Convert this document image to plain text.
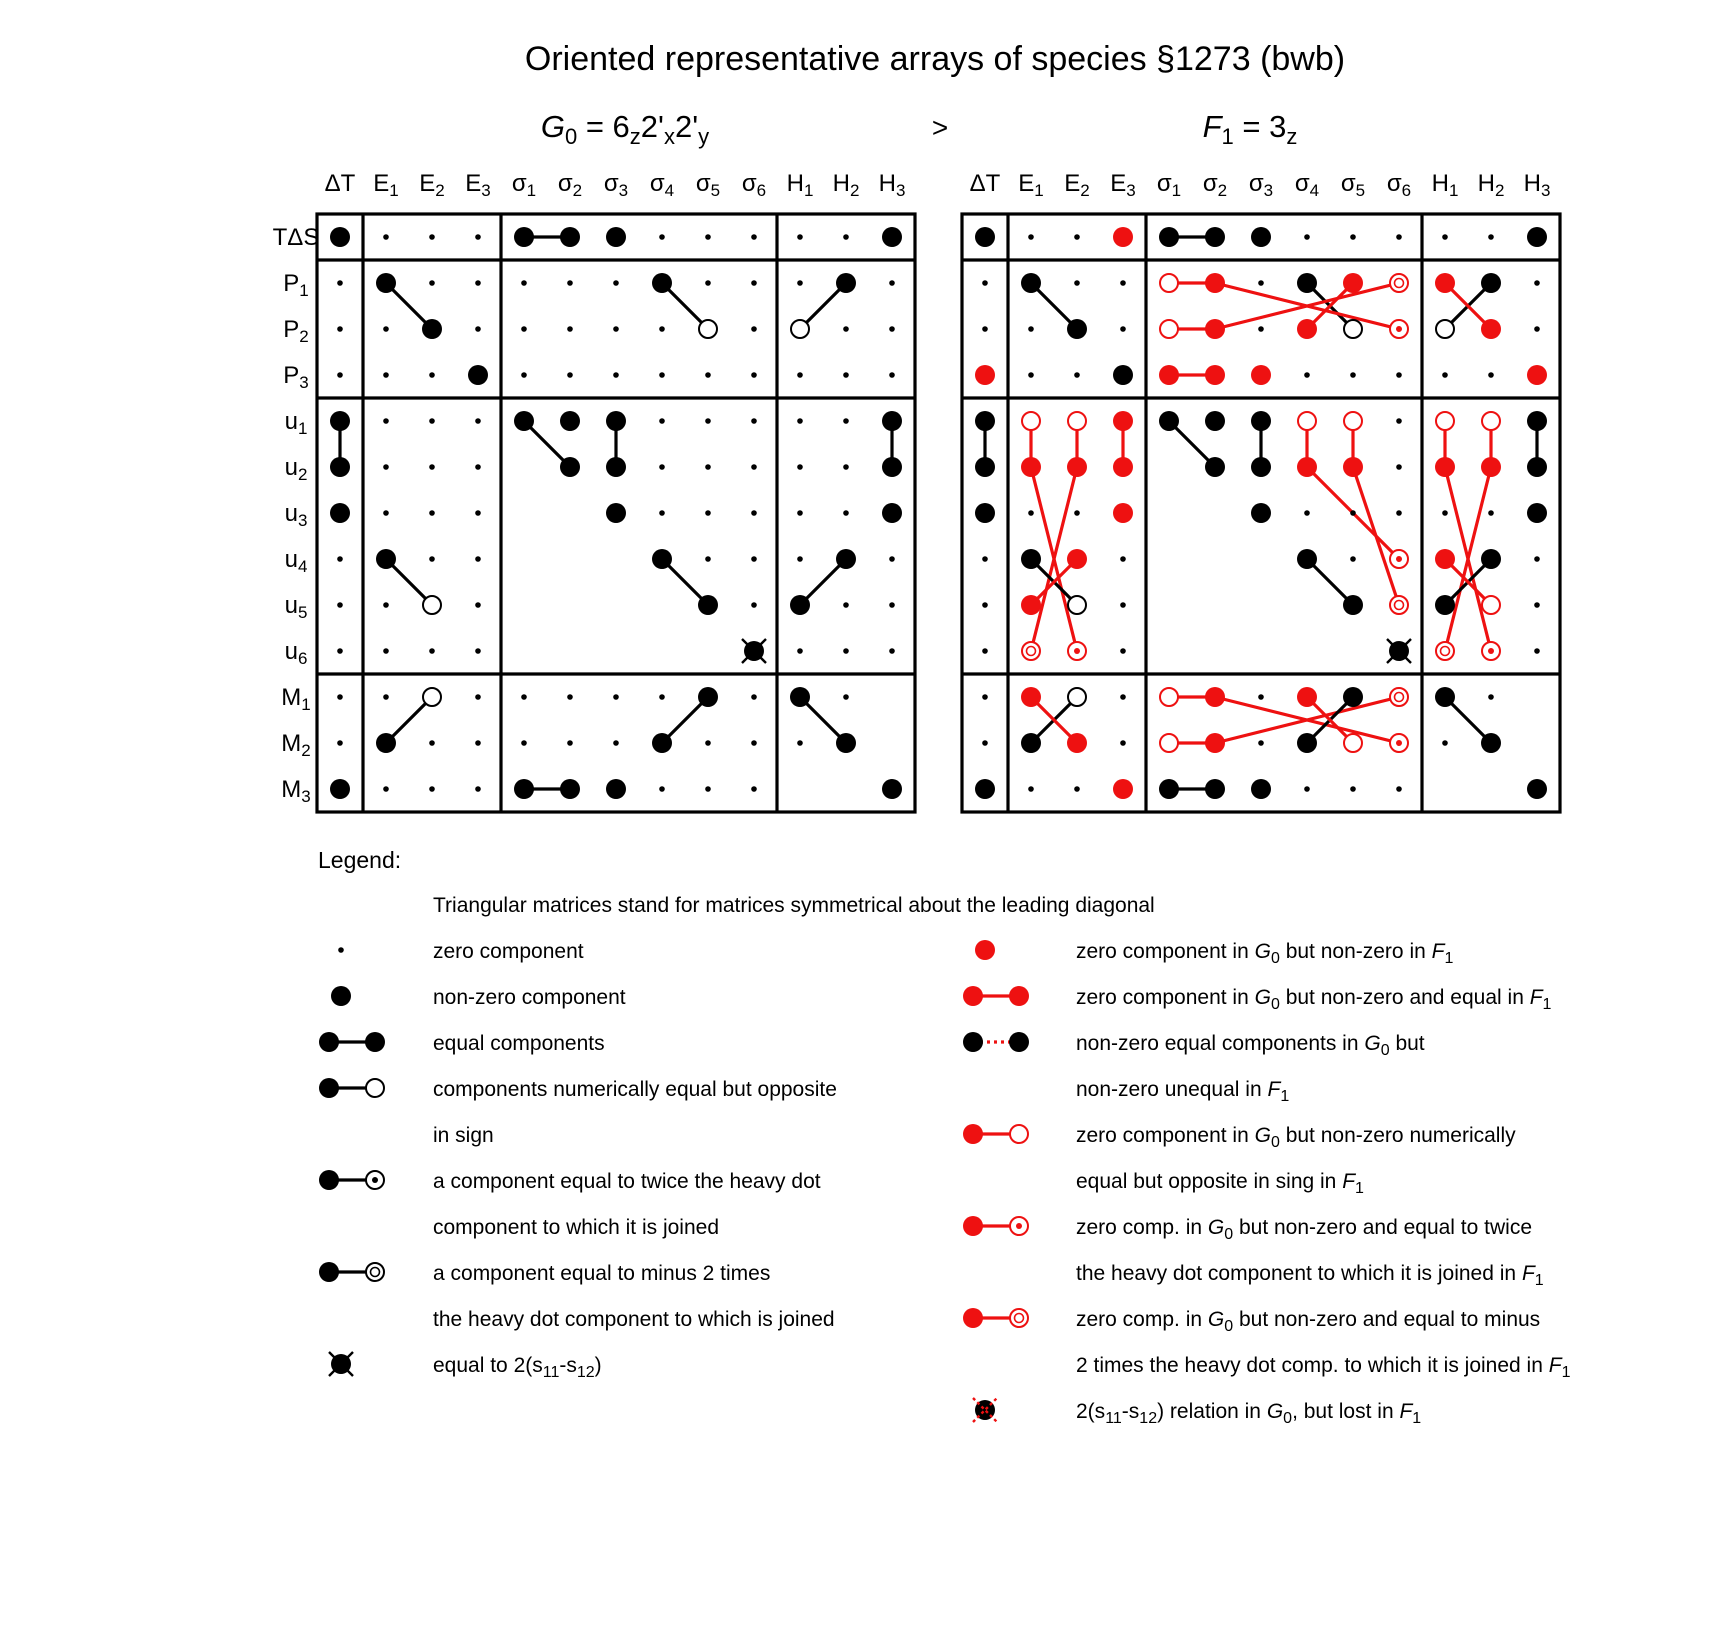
Oriented representative arrays of species §1273 (bwb)
G0 = 6z2'x2'y	F1 = 3z
>
ΔT E1 E2 E3 σ1 σ2 σ3 σ4 σ5 σ6 H1 H2 H3
TΔS
P1
P2
P3
u1
u2
u3
u4
u5
u6
M1
M2
M3
ΔT E1 E2 E3 σ1 σ2 σ3 σ4 σ5 σ6 H1 H2 H3
Legend:
Triangular matrices stand for matrices symmetrical about the leading diagonal
zero component
non-zero component
equal components
components numerically equal but opposite
in sign
a component equal to twice the heavy dot
component to which it is joined
a component equal to minus 2 times
the heavy dot component to which is joined
equal to 2(s11-s12)
zero component in G0 but non-zero in F1
zero component in G0 but non-zero and equal in F1
non-zero equal components in G0 but
non-zero unequal in F1
zero component in G0 but non-zero numerically
equal but opposite in sing in F1
zero comp. in G0 but non-zero and equal to twice
the heavy dot component to which it is joined in F1
zero comp. in G0 but non-zero and equal to minus
2 times the heavy dot comp. to which it is joined in F1
2(s11-s12) relation in G0, but lost in F1
